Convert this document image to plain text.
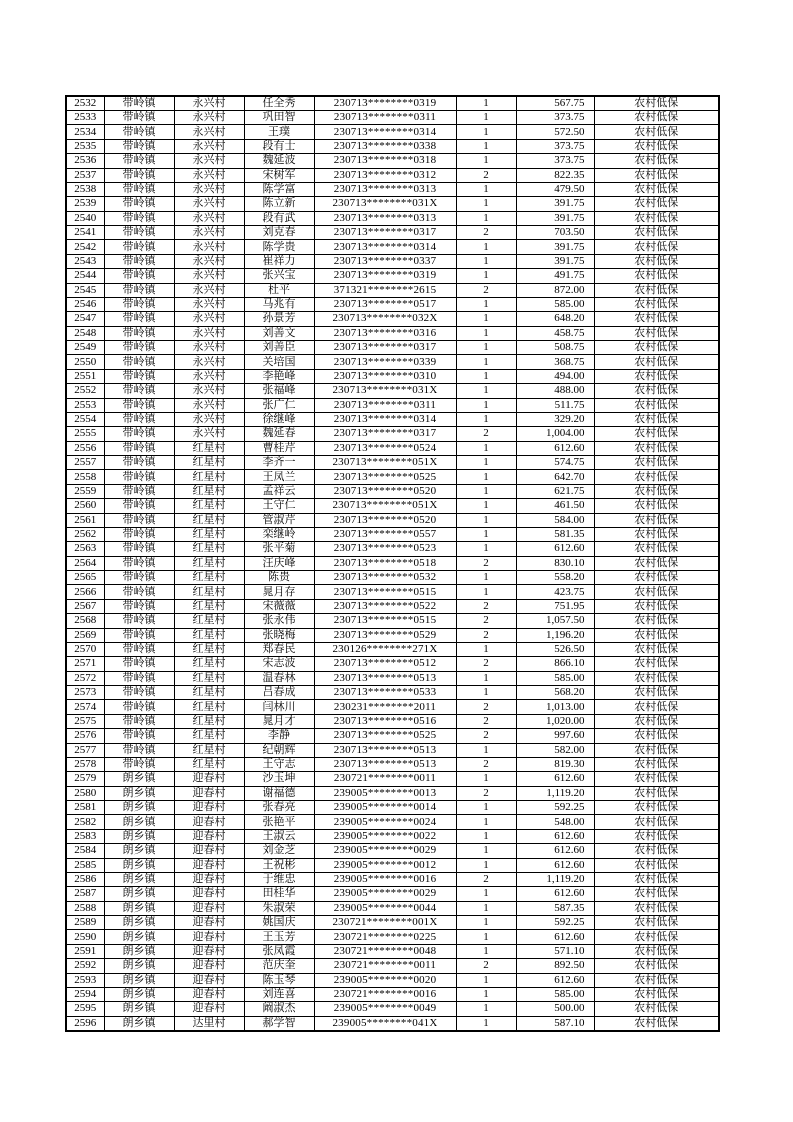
2532	带岭镇	永兴村	任全秀	230713********0319	1	567.75	农村低保
2533	带岭镇	永兴村	巩田智	230713********0311	1	373.75	农村低保
2534	带岭镇	永兴村	王璞	230713********0314	1	572.50	农村低保
2535	带岭镇	永兴村	段有士	230713********0338	1	373.75	农村低保
2536	带岭镇	永兴村	魏延波	230713********0318	1	373.75	农村低保
2537	带岭镇	永兴村	宋树军	230713********0312	2	822.35	农村低保
2538	带岭镇	永兴村	陈学富	230713********0313	1	479.50	农村低保
2539	带岭镇	永兴村	陈立新	230713********031X	1	391.75	农村低保
2540	带岭镇	永兴村	段有武	230713********0313	1	391.75	农村低保
2541	带岭镇	永兴村	刘克春	230713********0317	2	703.50	农村低保
2542	带岭镇	永兴村	陈学贵	230713********0314	1	391.75	农村低保
2543	带岭镇	永兴村	崔祥力	230713********0337	1	391.75	农村低保
2544	带岭镇	永兴村	张兴宝	230713********0319	1	491.75	农村低保
2545	带岭镇	永兴村	杜平	371321********2615	2	872.00	农村低保
2546	带岭镇	永兴村	马兆有	230713********0517	1	585.00	农村低保
2547	带岭镇	永兴村	孙景芳	230713********032X	1	648.20	农村低保
2548	带岭镇	永兴村	刘善文	230713********0316	1	458.75	农村低保
2549	带岭镇	永兴村	刘善臣	230713********0317	1	508.75	农村低保
2550	带岭镇	永兴村	关培国	230713********0339	1	368.75	农村低保
2551	带岭镇	永兴村	李艳峰	230713********0310	1	494.00	农村低保
2552	带岭镇	永兴村	张福峰	230713********031X	1	488.00	农村低保
2553	带岭镇	永兴村	张广仁	230713********0311	1	511.75	农村低保
2554	带岭镇	永兴村	徐继峰	230713********0314	1	329.20	农村低保
2555	带岭镇	永兴村	魏延春	230713********0317	2	1,004.00	农村低保
2556	带岭镇	红星村	曹桂芹	230713********0524	1	612.60	农村低保
2557	带岭镇	红星村	李齐一	230713********051X	1	574.75	农村低保
2558	带岭镇	红星村	王凤兰	230713********0525	1	642.70	农村低保
2559	带岭镇	红星村	孟祥云	230713********0520	1	621.75	农村低保
2560	带岭镇	红星村	王守仁	230713********051X	1	461.50	农村低保
2561	带岭镇	红星村	管淑芹	230713********0520	1	584.00	农村低保
2562	带岭镇	红星村	栾继岭	230713********0557	1	581.35	农村低保
2563	带岭镇	红星村	张平菊	230713********0523	1	612.60	农村低保
2564	带岭镇	红星村	汪庆峰	230713********0518	2	830.10	农村低保
2565	带岭镇	红星村	陈贵	230713********0532	1	558.20	农村低保
2566	带岭镇	红星村	晁月存	230713********0515	1	423.75	农村低保
2567	带岭镇	红星村	宋薇薇	230713********0522	2	751.95	农村低保
2568	带岭镇	红星村	张永伟	230713********0515	2	1,057.50	农村低保
2569	带岭镇	红星村	张晓梅	230713********0529	2	1,196.20	农村低保
2570	带岭镇	红星村	郑春民	230126********271X	1	526.50	农村低保
2571	带岭镇	红星村	宋志波	230713********0512	2	866.10	农村低保
2572	带岭镇	红星村	温春林	230713********0513	1	585.00	农村低保
2573	带岭镇	红星村	吕春成	230713********0533	1	568.20	农村低保
2574	带岭镇	红星村	闫林川	230231********2011	2	1,013.00	农村低保
2575	带岭镇	红星村	晁月才	230713********0516	2	1,020.00	农村低保
2576	带岭镇	红星村	李静	230713********0525	2	997.60	农村低保
2577	带岭镇	红星村	纪朝辉	230713********0513	1	582.00	农村低保
2578	带岭镇	红星村	王守志	230713********0513	2	819.30	农村低保
2579	朗乡镇	迎春村	沙玉坤	230721********0011	1	612.60	农村低保
2580	朗乡镇	迎春村	谢福德	239005********0013	2	1,119.20	农村低保
2581	朗乡镇	迎春村	张春亮	239005********0014	1	592.25	农村低保
2582	朗乡镇	迎春村	张艳平	239005********0024	1	548.00	农村低保
2583	朗乡镇	迎春村	王淑云	239005********0022	1	612.60	农村低保
2584	朗乡镇	迎春村	刘金芝	239005********0029	1	612.60	农村低保
2585	朗乡镇	迎春村	王祝彬	239005********0012	1	612.60	农村低保
2586	朗乡镇	迎春村	于维忠	239005********0016	2	1,119.20	农村低保
2587	朗乡镇	迎春村	田桂华	239005********0029	1	612.60	农村低保
2588	朗乡镇	迎春村	朱淑荣	239005********0044	1	587.35	农村低保
2589	朗乡镇	迎春村	姚国庆	230721********001X	1	592.25	农村低保
2590	朗乡镇	迎春村	王玉芳	230721********0225	1	612.60	农村低保
2591	朗乡镇	迎春村	张凤霞	230721********0048	1	571.10	农村低保
2592	朗乡镇	迎春村	范庆奎	230721********0011	2	892.50	农村低保
2593	朗乡镇	迎春村	陈玉琴	239005********0020	1	612.60	农村低保
2594	朗乡镇	迎春村	刘连喜	230721********0016	1	585.00	农村低保
2595	朗乡镇	迎春村	阚淑杰	239005********0049	1	500.00	农村低保
2596	朗乡镇	达里村	郝学智	239005********041X	1	587.10	农村低保
